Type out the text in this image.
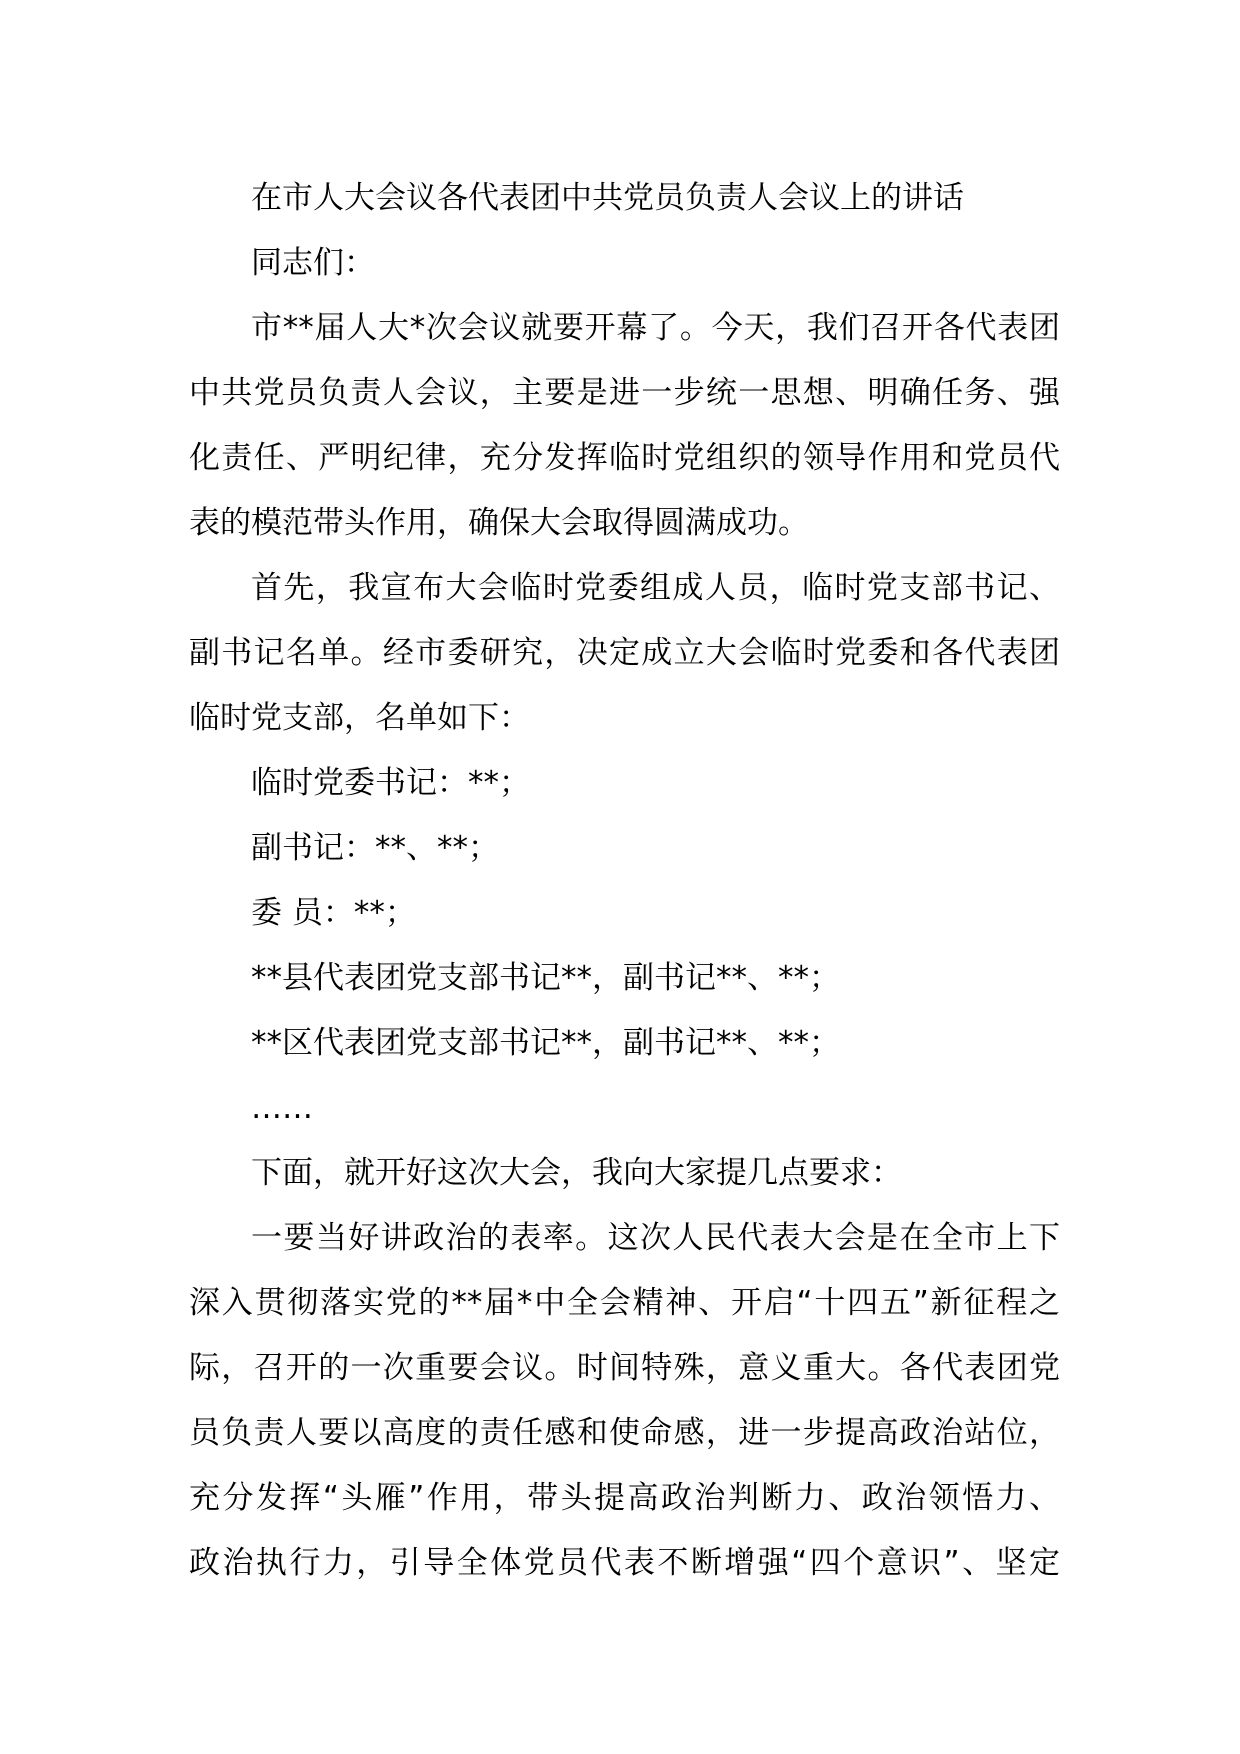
在市人大会议各代表团中共党员负责人会议上的讲话
同志们：
市**届人大*次会议就要开幕了。今天，我们召开各代表团
中共党员负责人会议，主要是进一步统一思想、明确任务、强
化责任、严明纪律，充分发挥临时党组织的领导作用和党员代
表的模范带头作用，确保大会取得圆满成功。
首先，我宣布大会临时党委组成人员，临时党支部书记、
副书记名单。经市委研究，决定成立大会临时党委和各代表团
临时党支部，名单如下：
临时党委书记：**；
副书记：**、**；
委 员：**；
**县代表团党支部书记**，副书记**、**；
**区代表团党支部书记**，副书记**、**；
……
下面，就开好这次大会，我向大家提几点要求：
一要当好讲政治的表率。这次人民代表大会是在全市上下
深入贯彻落实党的**届*中全会精神、开启“十四五”新征程之
际，召开的一次重要会议。时间特殊，意义重大。各代表团党
员负责人要以高度的责任感和使命感，进一步提高政治站位，
充分发挥“头雁”作用，带头提高政治判断力、政治领悟力、
政治执行力，引导全体党员代表不断增强“四个意识”、坚定
